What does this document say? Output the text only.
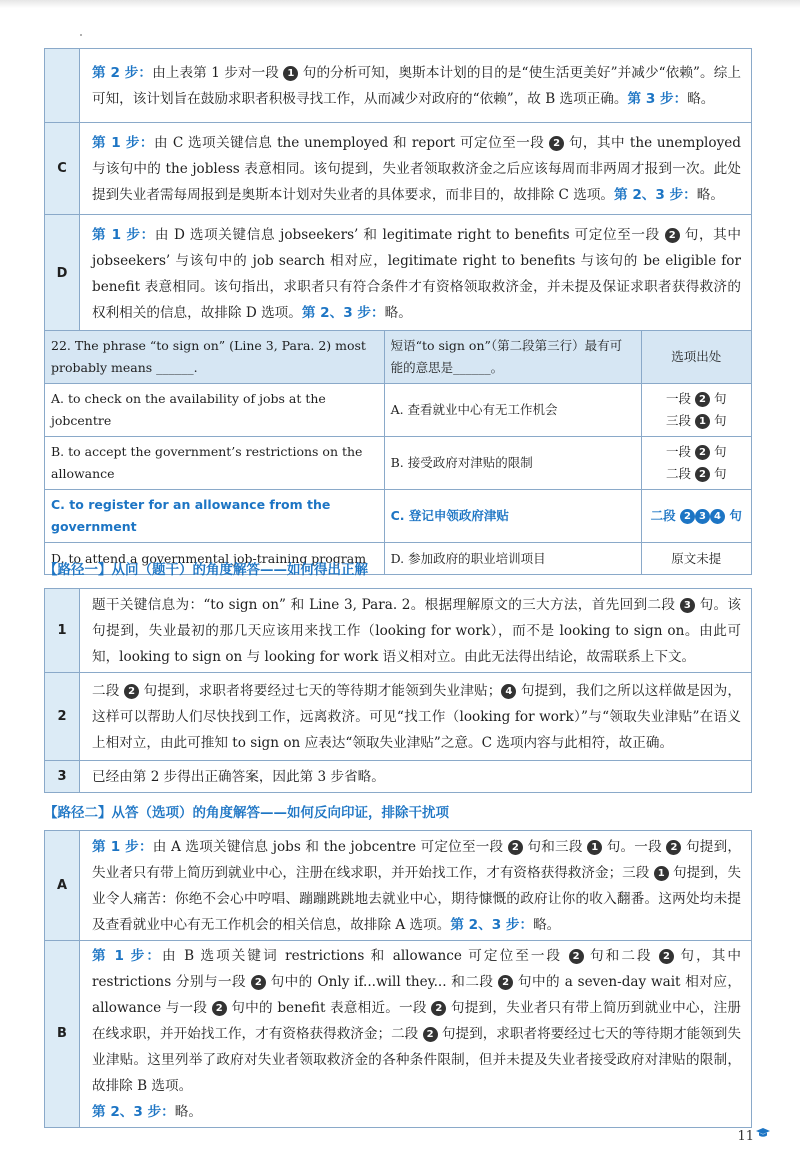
	第 2 步：由上表第 1 步对一段 1 句的分析可知，奥斯本计划的目的是“使生活更美好”并减少“依赖”。综上可知，该计划旨在鼓励求职者积极寻找工作，从而减少对政府的“依赖”，故 B 选项正确。第 3 步：略。
C	第 1 步：由 C 选项关键信息 the unemployed 和 report 可定位至一段 2 句，其中 the unemployed 与该句中的 the jobless 表意相同。该句提到，失业者领取救济金之后应该每周而非两周才报到一次。此处提到失业者需每周报到是奥斯本计划对失业者的具体要求，而非目的，故排除 C 选项。第 2、3 步：略。
D	第 1 步：由 D 选项关键信息 jobseekers’ 和 legitimate right to benefits 可定位至一段 2 句，其中 jobseekers’ 与该句中的 job search 相对应，legitimate right to benefits 与该句的 be eligible for benefit 表意相同。该句指出，求职者只有符合条件才有资格领取救济金，并未提及保证求职者获得救济的权利相关的信息，故排除 D 选项。第 2、3 步：略。
22. The phrase “to sign on” (Line 3, Para. 2) most probably means ______.	短语“to sign on”（第二段第三行）最有可能的意思是______。	选项出处
A. to check on the availability of jobs at the jobcentre	A. 查看就业中心有无工作机会	一段 2 句
三段 1 句
B. to accept the government’s restrictions on the allowance	B. 接受政府对津贴的限制	一段 2 句
二段 2 句
C. to register for an allowance from the government	C. 登记申领政府津贴	二段 2 3 4 句
D. to attend a governmental job-training program	D. 参加政府的职业培训项目	原文未提
【路径一】从问（题干）的角度解答——如何得出正解
1	题干关键信息为：“to sign on” 和 Line 3, Para. 2。根据理解原文的三大方法，首先回到二段 3 句。该句提到，失业最初的那几天应该用来找工作（looking for work），而不是 looking to sign on。由此可知，looking to sign on 与 looking for work 语义相对立。由此无法得出结论，故需联系上下文。
2	二段 2 句提到，求职者将要经过七天的等待期才能领到失业津贴； 4 句提到，我们之所以这样做是因为，这样可以帮助人们尽快找到工作，远离救济。可见“找工作（looking for work）”与“领取失业津贴”在语义上相对立，由此可推知 to sign on 应表达“领取失业津贴”之意。C 选项内容与此相符，故正确。
3	已经由第 2 步得出正确答案，因此第 3 步省略。
【路径二】从答（选项）的角度解答——如何反向印证，排除干扰项
A	第 1 步：由 A 选项关键信息 jobs 和 the jobcentre 可定位至一段 2 句和三段 1 句。一段 2 句提到，失业者只有带上简历到就业中心，注册在线求职，并开始找工作，才有资格获得救济金；三段 1 句提到，失业令人痛苦：你绝不会心中哼唱、蹦蹦跳跳地去就业中心，期待慷慨的政府让你的收入翻番。这两处均未提及查看就业中心有无工作机会的相关信息，故排除 A 选项。第 2、3 步：略。
B	第 1 步：由 B 选项关键词 restrictions 和 allowance 可定位至一段 2 句和二段 2 句，其中 restrictions 分别与一段 2 句中的 Only if...will they... 和二段 2 句中的 a seven-day wait 相对应，allowance 与一段 2 句中的 benefit 表意相近。一段 2 句提到，失业者只有带上简历到就业中心，注册在线求职，并开始找工作，才有资格获得救济金；二段 2 句提到，求职者将要经过七天的等待期才能领到失业津贴。这里列举了政府对失业者领取救济金的各种条件限制，但并未提及失业者接受政府对津贴的限制，故排除 B 选项。
第 2、3 步：略。
11
